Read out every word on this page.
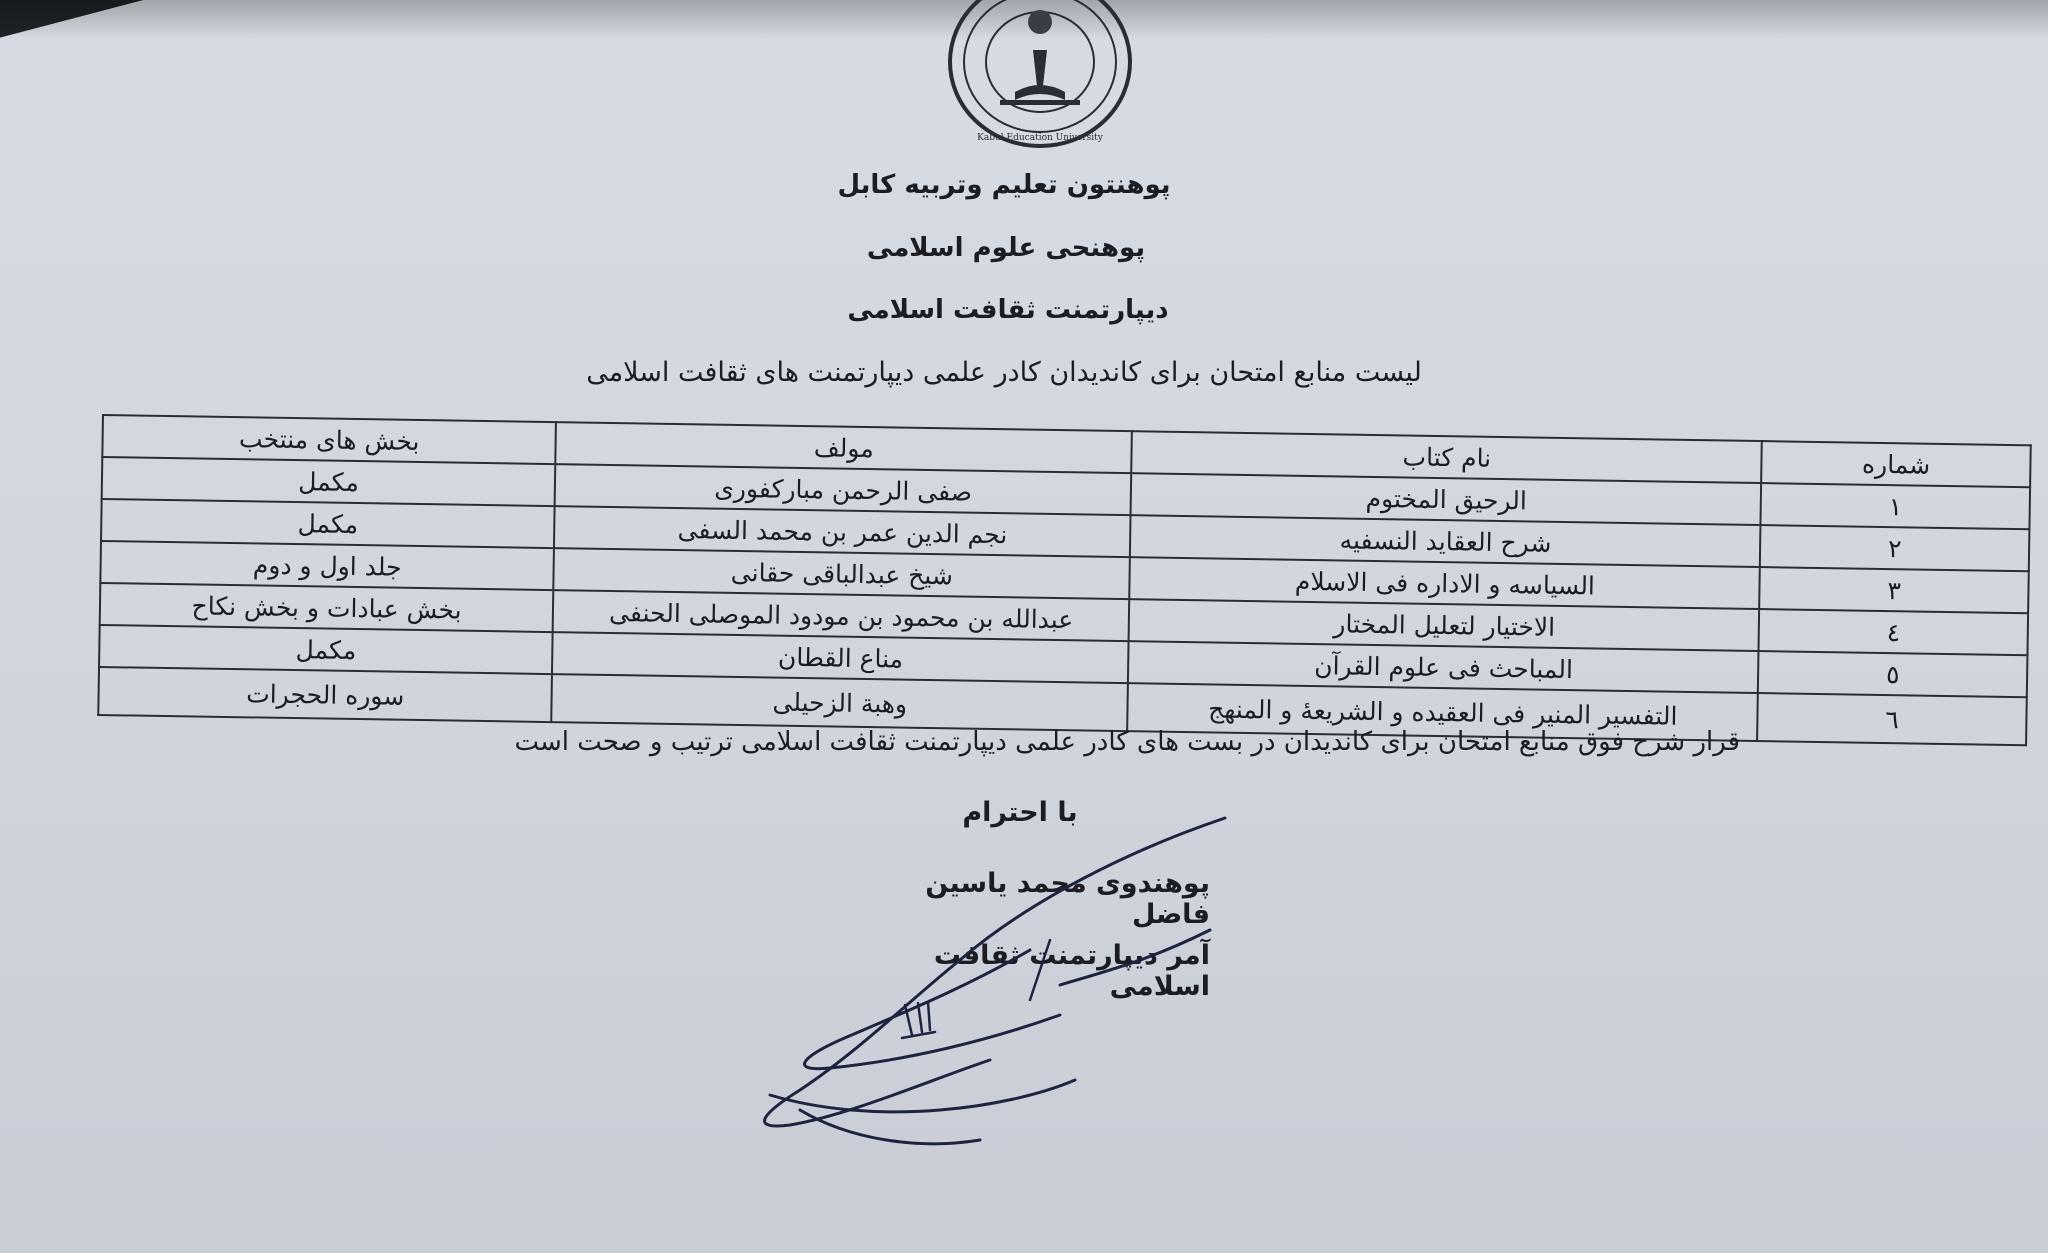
Kabul Education University
پوهنتون تعلیم وتربیه کابل
پوهنحی علوم اسلامی
دیپارتمنت ثقافت اسلامی
لیست منابع امتحان برای کاندیدان کادر علمی دیپارتمنت های ثقافت اسلامی
شماره	نام کتاب	مولف	بخش های منتخب
١	الرحیق المختوم	صفی الرحمن مبارکفوری	مکمل
٢	شرح العقاید النسفیه	نجم الدین عمر بن محمد السفی	مکمل
٣	السیاسه و الاداره فی الاسلام	شیخ عبدالباقی حقانی	جلد اول و دوم
٤	الاختیار لتعلیل المختار	عبدالله بن محمود بن مودود الموصلی الحنفی	بخش عبادات و بخش نکاح
٥	المباحث فی علوم القرآن	مناع القطان	مکمل
٦	التفسیر المنیر فی العقیده و الشریعهٔ و المنهج	وهبة الزحیلی	سوره الحجرات
قرار شرح فوق منابع امتحان برای کاندیدان در بست های کادر علمی دیپارتمنت ثقافت اسلامی ترتیب و صحت است
با احترام
پوهندوی محمد یاسین فاضل
آمر دیپارتمنت ثقافت اسلامی
